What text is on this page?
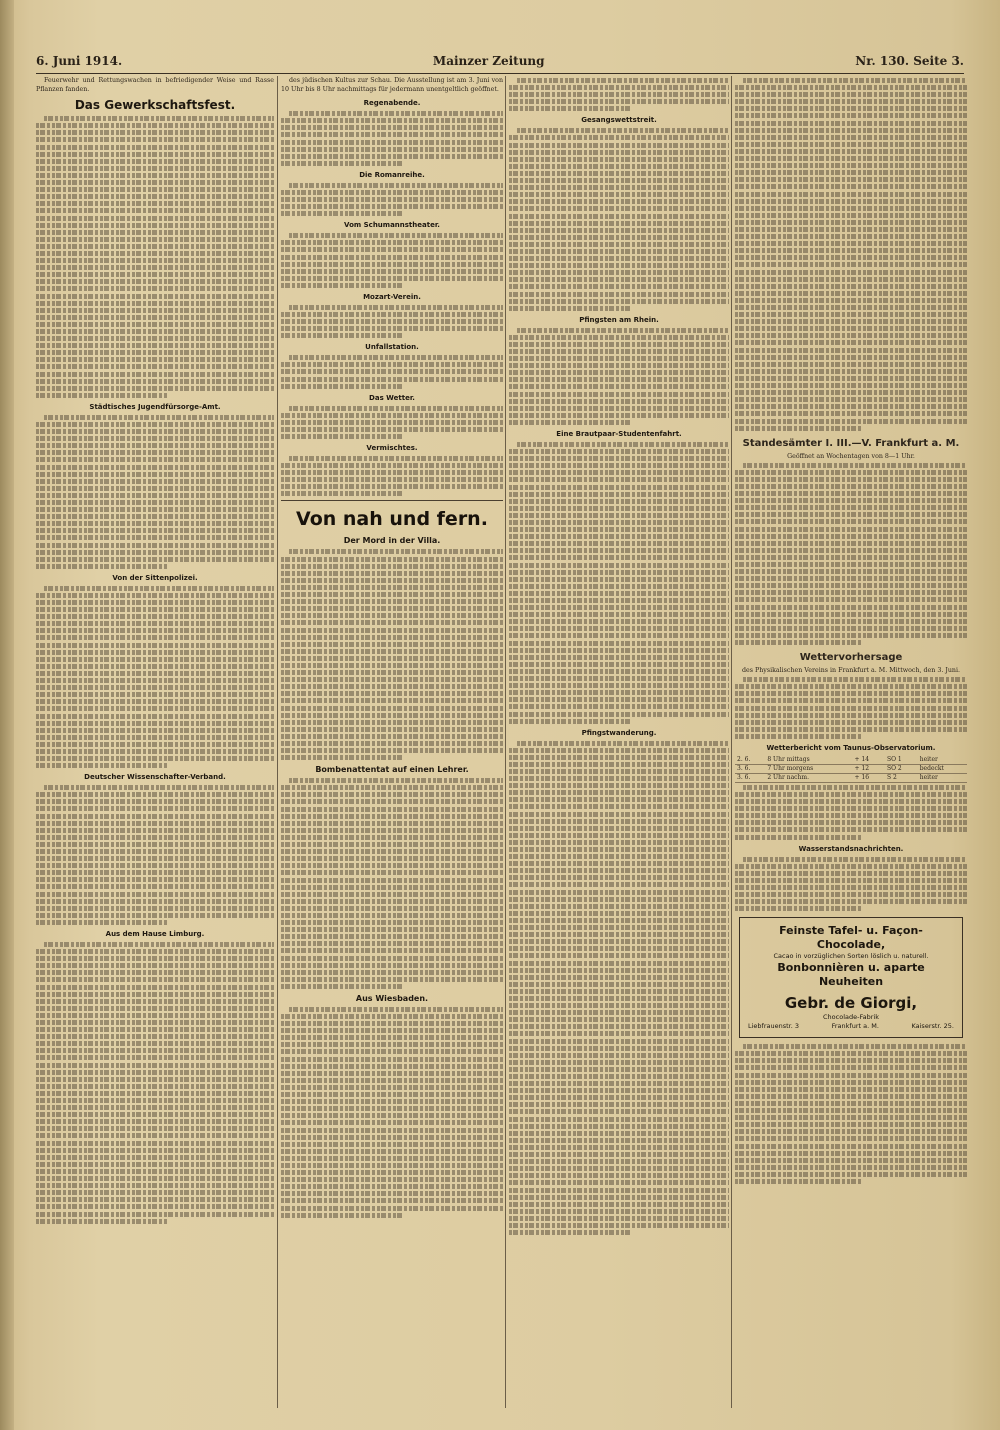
6. Juni 1914.	Mainzer Zeitung	Nr. 130. Seite 3.

Feuerwehr und Rettungswachen in befriedigender Weise und Rasse Pflanzen fanden.

Das Gewerkschaftsfest.
Städtisches Jugendfürsorge-Amt.
Von der Sittenpolizei.
Deutscher Wissenschafter-Verband.
Aus dem Hause Limburg.

des jüdischen Kultus zur Schau. Die Ausstellung ist am 3. Juni von 10 Uhr bis 8 Uhr nachmittags für jedermann unentgeltlich geöffnet.

Regenabende.
Die Romanreihe.
Vom Schumannstheater.
Mozart-Verein.
Unfallstation.
Das Wetter.
Vermischtes.
Von nah und fern.
Der Mord in der Villa.
Bombenattentat auf einen Lehrer.
Aus Wiesbaden.
Gesangswettstreit.
Pfingsten am Rhein.
Eine Brautpaar-Studentenfahrt.
Pfingstwanderung.
Standesämter I. III.—V. Frankfurt a. M.
Geöffnet an Wochentagen von 8—1 Uhr.
Wettervorhersage
des Physikalischen Vereins in Frankfurt a. M. Mittwoch, den 3. Juni.
Wetterbericht vom Taunus-Observatorium.
2. 6.	8 Uhr mittags	+ 14	SO 1	heiter
3. 6.	7 Uhr morgens	+ 12	SO 2	bedeckt
3. 6.	2 Uhr nachm.	+ 16	S 2	heiter
Wasserstandsnachrichten.
Feinste Tafel- u. Façon-Chocolade,
Cacao in vorzüglichen Sorten löslich u. naturell.
Bonbonnièren u. aparte Neuheiten
Gebr. de Giorgi,
Chocolade-Fabrik
Liebfrauenstr. 3	Frankfurt a. M.	Kaiserstr. 25.
